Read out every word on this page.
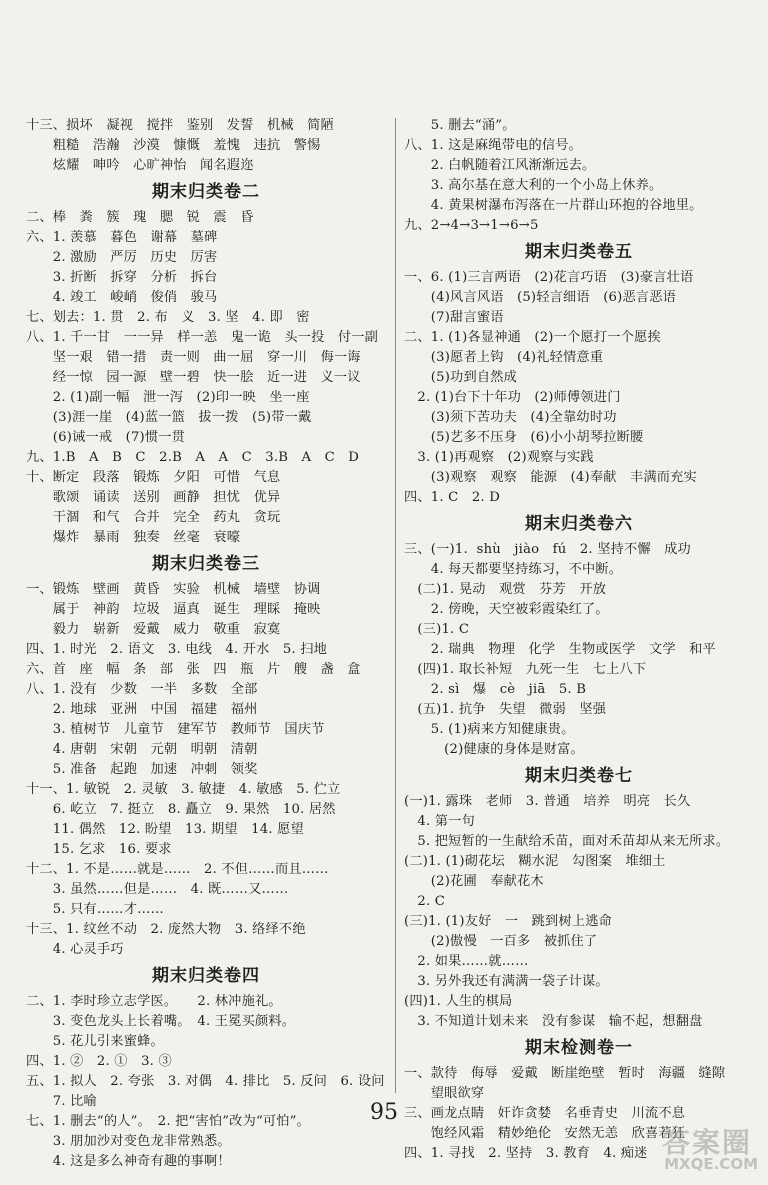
十三、损坏　凝视　搅拌　鉴别　发誓　机械　简陋
　　粗糙　浩瀚　沙漠　慷慨　羞愧　违抗　警惕
　　炫耀　呻吟　心旷神怡　闻名遐迩
期末归类卷二
二、棒　粪　簇　瑰　腮　锐　震　昏
六、1. 羡慕　暮色　谢幕　墓碑
　　2. 激励　严厉　历史　厉害
　　3. 折断　拆穿　分析　拆台
　　4. 竣工　峻峭　俊俏　骏马
七、划去：1. 贯　2. 布　义　3. 坚　4. 即　密
八、1. 千一甘　一一异　样一恙　鬼一诡　头一投　付一副
　　坚一艰　错一措　责一则　曲一屈　穿一川　侮一诲
　　经一惊　园一源　壁一碧　快一脍　近一进　义一议
　　2. (1)副一幅　泄一泻　(2)印一映　坐一座
　　(3)涯一崖　(4)蓝一篮　拔一拨　(5)带一戴
　　(6)诫一戒　(7)惯一贯
九、1.B　A　B　C　2.B　A　A　C　3.B　A　C　D
十、断定　段落　锻炼　夕阳　可惜　气息
　　歌颂　诵读　送别　画静　担忧　优异
　　干涸　和气　合并　完全　药丸　贪玩
　　爆炸　暴雨　独奏　丝毫　衰嚎
期末归类卷三
一、锻炼　壁画　黄昏　实验　机械　墙壁　协调
　　属于　神韵　垃圾　逼真　诞生　理睬　掩映
　　毅力　崭新　爱戴　威力　敬重　寂寞
四、1. 时光　2. 语文　3. 电线　4. 开水　5. 扫地
六、首　座　幅　条　部　张　四　瓶　片　艘　盏　盒
八、1. 没有　少数　一半　多数　全部
　　2. 地球　亚洲　中国　福建　福州
　　3. 植树节　儿童节　建军节　教师节　国庆节
　　4. 唐朝　宋朝　元朝　明朝　清朝
　　5. 准备　起跑　加速　冲刺　领奖
十一、1. 敏锐　2. 灵敏　3. 敏捷　4. 敏感　5. 伫立
　　6. 屹立　7. 挺立　8. 矗立　9. 果然　10. 居然
　　11. 偶然　12. 盼望　13. 期望　14. 愿望
　　15. 乞求　16. 要求
十二、1. 不是……就是……　2. 不但……而且……
　　3. 虽然……但是……　4. 既……又……
　　5. 只有……才……
十三、1. 纹丝不动　2. 庞然大物　3. 络绎不绝
　　4. 心灵手巧
期末归类卷四
二、1. 李时珍立志学医。　　2. 林冲施礼。
　　3. 变色龙头上长着嘴。　4. 王冕买颜料。
　　5. 花儿引来蜜蜂。
四、1. ②　2. ①　3. ③
五、1. 拟人　2. 夸张　3. 对偶　4. 排比　5. 反问　6. 设问
　　7. 比喻
七、1. 删去“的人”。　2. 把“害怕”改为“可怕”。
　　3. 朋加沙对变色龙非常熟悉。
　　4. 这是多么神奇有趣的事啊！
　　5. 删去“涌”。
八、1. 这是麻绳带电的信号。
　　2. 白帆随着江风渐渐远去。
　　3. 高尔基在意大利的一个小岛上休养。
　　4. 黄果树瀑布泻落在一片群山环抱的谷地里。
九、2→4→3→1→6→5
期末归类卷五
一、6. (1)三言两语　(2)花言巧语　(3)豪言壮语
　　(4)风言风语　(5)轻言细语　(6)恶言恶语
　　(7)甜言蜜语
二、1. (1)各显神通　(2)一个愿打一个愿挨
　　(3)愿者上钩　(4)礼轻情意重
　　(5)功到自然成
　2. (1)台下十年功　(2)师傅领进门
　　(3)须下苦功夫　(4)全靠幼时功
　　(5)艺多不压身　(6)小小胡琴拉断腰
　3. (1)再观察　(2)观察与实践
　　(3)观察　观察　能源　(4)奉献　丰满而充实
四、1. C　2. D
期末归类卷六
三、(一)1.  shù　jiào　fú　2. 坚持不懈　成功
　　4. 每天都要坚持练习，不中断。
　(二)1. 晃动　观赏　芬芳　开放
　　2. 傍晚，天空被彩霞染红了。
　(三)1. C
　　2. 瑞典　物理　化学　生物或医学　文学　和平
　(四)1. 取长补短　九死一生　七上八下
　　2. sì　爆　cè　jiā　5. B
　(五)1. 抗争　失望　微弱　坚强
　　5. (1)病来方知健康贵。
　　　(2)健康的身体是财富。
期末归类卷七
(一)1. 露珠　老师　3. 普通　培养　明亮　长久
　4. 第一句
　5. 把短暂的一生献给禾苗，面对禾苗却从来无所求。
(二)1. (1)砌花坛　糊水泥　勾图案　堆细土
　　(2)花圃　奉献花木
　2. C
(三)1. (1)友好　一　跳到树上逃命
　　(2)傲慢　一百多　被抓住了
　2. 如果……就……
　3. 另外我还有满满一袋子计谋。
(四)1. 人生的棋局
　3. 不知道计划未来　没有参谋　输不起，想翻盘
期末检测卷一
一、款待　侮辱　爱戴　断崖绝壁　暂时　海疆　缝隙
　　望眼欲穿
三、画龙点睛　奸诈贪婪　名垂青史　川流不息
　　饱经风霜　精妙绝伦　安然无恙　欣喜若狂
四、1. 寻找　2. 坚持　3. 教育　4. 痴迷
95
答案圈
MXQE.COM
